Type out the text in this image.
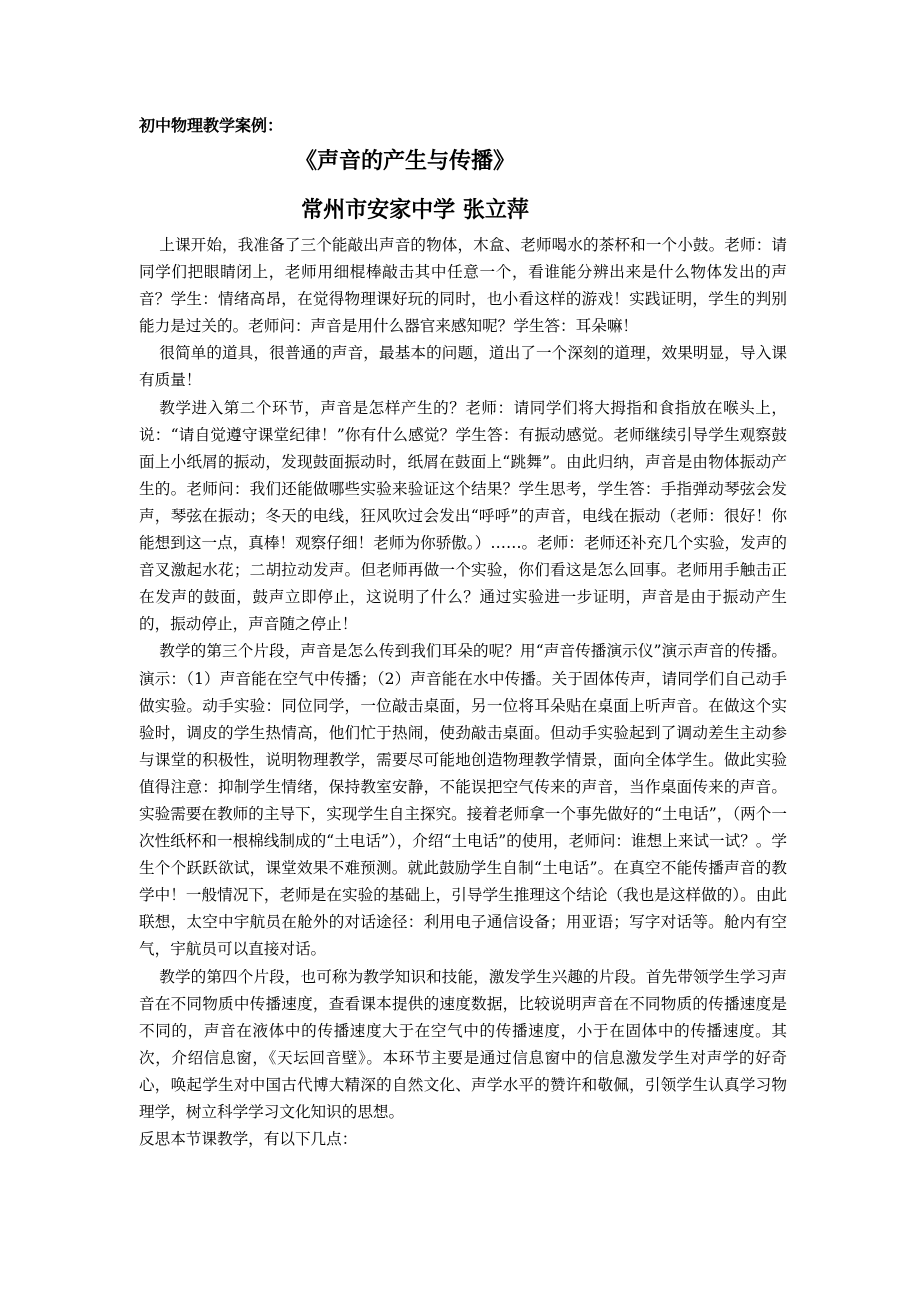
初中物理教学案例：
《声音的产生与传播》
常州市安家中学 张立萍

上课开始，我准备了三个能敲出声音的物体，木盒、老师喝水的茶杯和一个小鼓。老师：请同学们把眼睛闭上，老师用细棍棒敲击其中任意一个，看谁能分辨出来是什么物体发出的声音？学生：情绪高昂，在觉得物理课好玩的同时，也小看这样的游戏！实践证明，学生的判别能力是过关的。老师问：声音是用什么器官来感知呢？学生答：耳朵嘛！

很简单的道具，很普通的声音，最基本的问题，道出了一个深刻的道理，效果明显，导入课有质量！

教学进入第二个环节，声音是怎样产生的？老师：请同学们将大拇指和食指放在喉头上，说：“请自觉遵守课堂纪律！”你有什么感觉？学生答：有振动感觉。老师继续引导学生观察鼓面上小纸屑的振动，发现鼓面振动时，纸屑在鼓面上“跳舞”。由此归纳，声音是由物体振动产生的。老师问：我们还能做哪些实验来验证这个结果？学生思考，学生答：手指弹动琴弦会发声，琴弦在振动；冬天的电线，狂风吹过会发出“呼呼”的声音，电线在振动（老师：很好！你能想到这一点，真棒！观察仔细！老师为你骄傲。）……。老师：老师还补充几个实验，发声的音叉激起水花；二胡拉动发声。但老师再做一个实验，你们看这是怎么回事。老师用手触击正在发声的鼓面，鼓声立即停止，这说明了什么？通过实验进一步证明，声音是由于振动产生的，振动停止，声音随之停止！

教学的第三个片段，声音是怎么传到我们耳朵的呢？用“声音传播演示仪”演示声音的传播。演示：（1）声音能在空气中传播；（2）声音能在水中传播。关于固体传声，请同学们自己动手做实验。动手实验：同位同学，一位敲击桌面，另一位将耳朵贴在桌面上听声音。在做这个实验时，调皮的学生热情高，他们忙于热闹，使劲敲击桌面。但动手实验起到了调动差生主动参与课堂的积极性，说明物理教学，需要尽可能地创造物理教学情景，面向全体学生。做此实验值得注意：抑制学生情绪，保持教室安静，不能误把空气传来的声音，当作桌面传来的声音。实验需要在教师的主导下，实现学生自主探究。接着老师拿一个事先做好的“土电话”，（两个一次性纸杯和一根棉线制成的“土电话”），介绍“土电话”的使用，老师问：谁想上来试一试？。学生个个跃跃欲试，课堂效果不难预测。就此鼓励学生自制“土电话”。在真空不能传播声音的教学中！一般情况下，老师是在实验的基础上，引导学生推理这个结论（我也是这样做的）。由此联想，太空中宇航员在舱外的对话途径：利用电子通信设备；用亚语；写字对话等。舱内有空气，宇航员可以直接对话。

教学的第四个片段，也可称为教学知识和技能，激发学生兴趣的片段。首先带领学生学习声音在不同物质中传播速度，查看课本提供的速度数据，比较说明声音在不同物质的传播速度是不同的，声音在液体中的传播速度大于在空气中的传播速度，小于在固体中的传播速度。其次，介绍信息窗，《天坛回音壁》。本环节主要是通过信息窗中的信息激发学生对声学的好奇心，唤起学生对中国古代博大精深的自然文化、声学水平的赞许和敬佩，引领学生认真学习物理学，树立科学学习文化知识的思想。

反思本节课教学，有以下几点：
